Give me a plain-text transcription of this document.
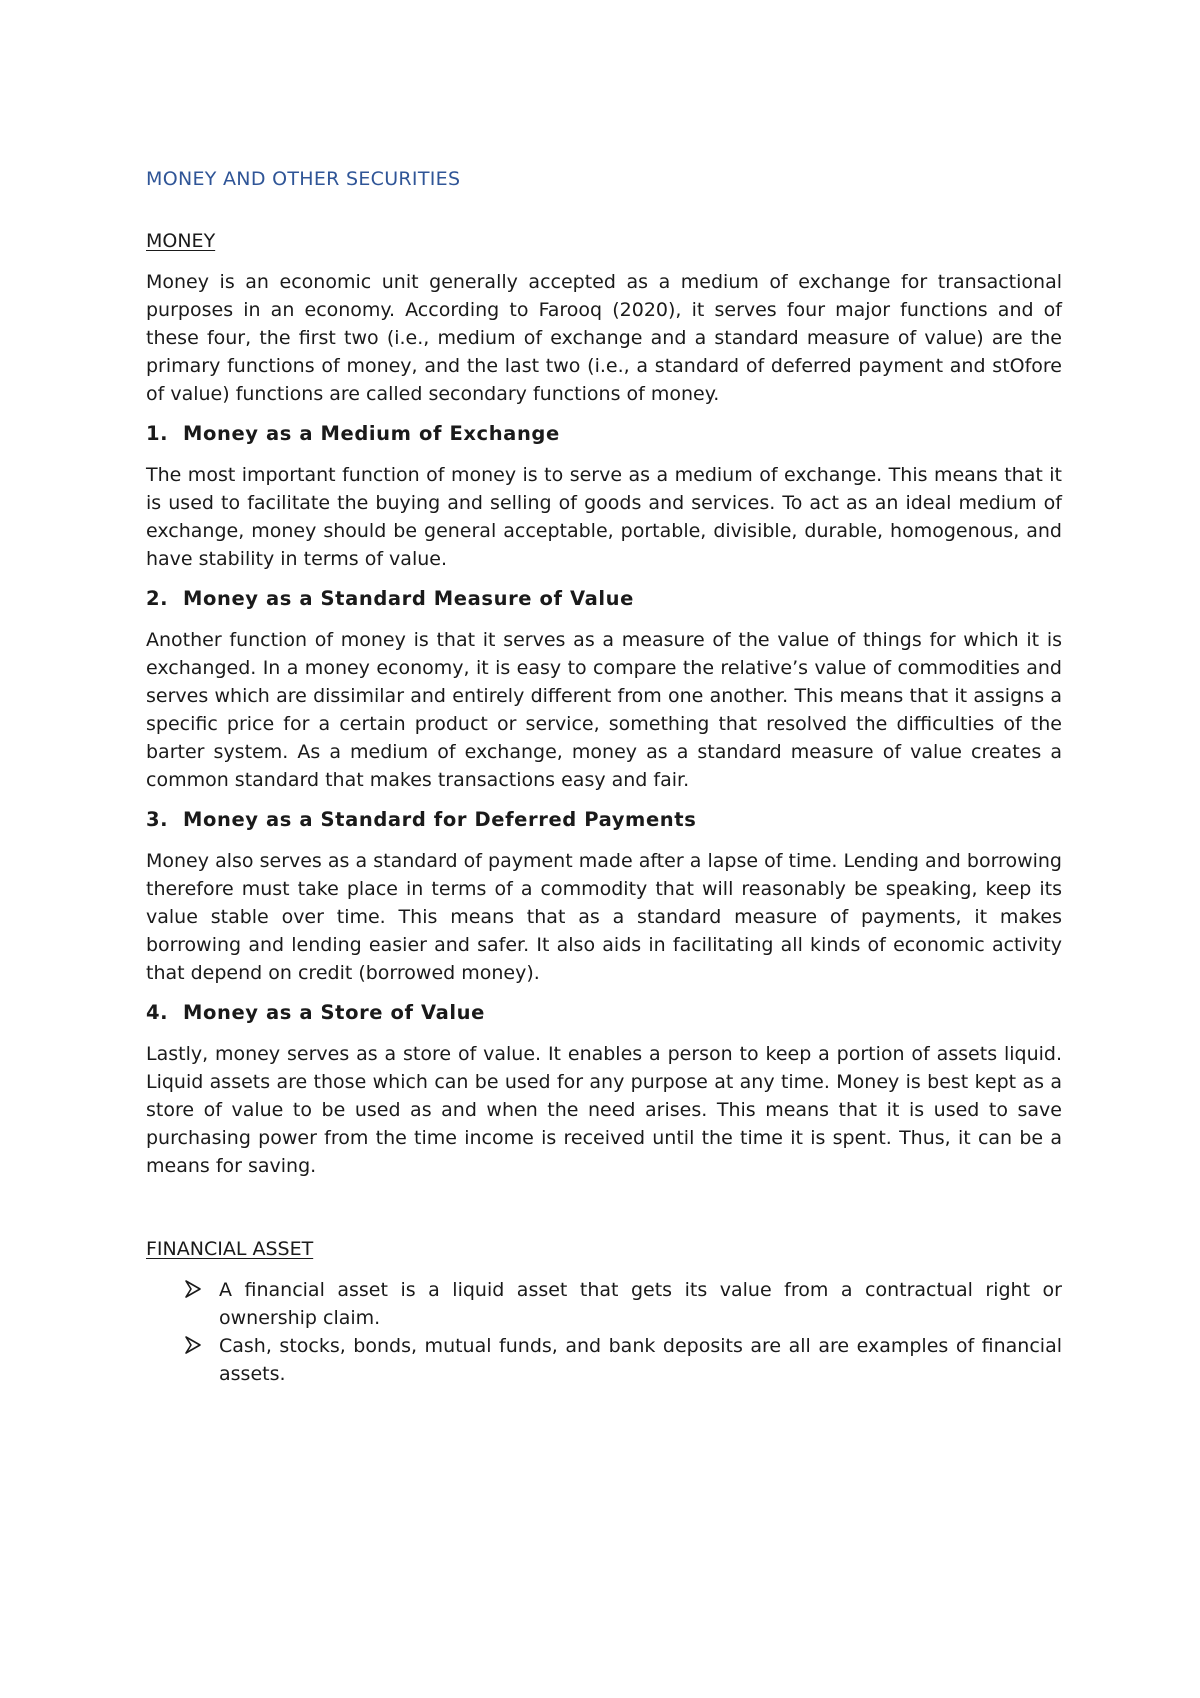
MONEY AND OTHER SECURITIES
MONEY

Money is an economic unit generally accepted as a medium of exchange for transactional purposes in an economy. According to Farooq (2020), it serves four major functions and of these four, the first two (i.e., medium of exchange and a standard measure of value) are the primary functions of money, and the last two (i.e., a standard of deferred payment and stOfore of value) functions are called secondary functions of money.

1. Money as a Medium of Exchange

The most important function of money is to serve as a medium of exchange. This means that it is used to facilitate the buying and selling of goods and services. To act as an ideal medium of exchange, money should be general acceptable, portable, divisible, durable, homogenous, and have stability in terms of value.

2. Money as a Standard Measure of Value

Another function of money is that it serves as a measure of the value of things for which it is exchanged. In a money economy, it is easy to compare the relative’s value of commodities and serves which are dissimilar and entirely different from one another. This means that it assigns a specific price for a certain product or service, something that resolved the difficulties of the barter system. As a medium of exchange, money as a standard measure of value creates a common standard that makes transactions easy and fair.

3. Money as a Standard for Deferred Payments

Money also serves as a standard of payment made after a lapse of time. Lending and borrowing therefore must take place in terms of a commodity that will reasonably be speaking, keep its value stable over time. This means that as a standard measure of payments, it makes borrowing and lending easier and safer. It also aids in facilitating all kinds of economic activity that depend on credit (borrowed money).

4. Money as a Store of Value

Lastly, money serves as a store of value. It enables a person to keep a portion of assets liquid. Liquid assets are those which can be used for any purpose at any time. Money is best kept as a store of value to be used as and when the need arises. This means that it is used to save purchasing power from the time income is received until the time it is spent. Thus, it can be a means for saving.

FINANCIAL ASSET
A financial asset is a liquid asset that gets its value from a contractual right or ownership claim.
Cash, stocks, bonds, mutual funds, and bank deposits are all are examples of financial assets.
